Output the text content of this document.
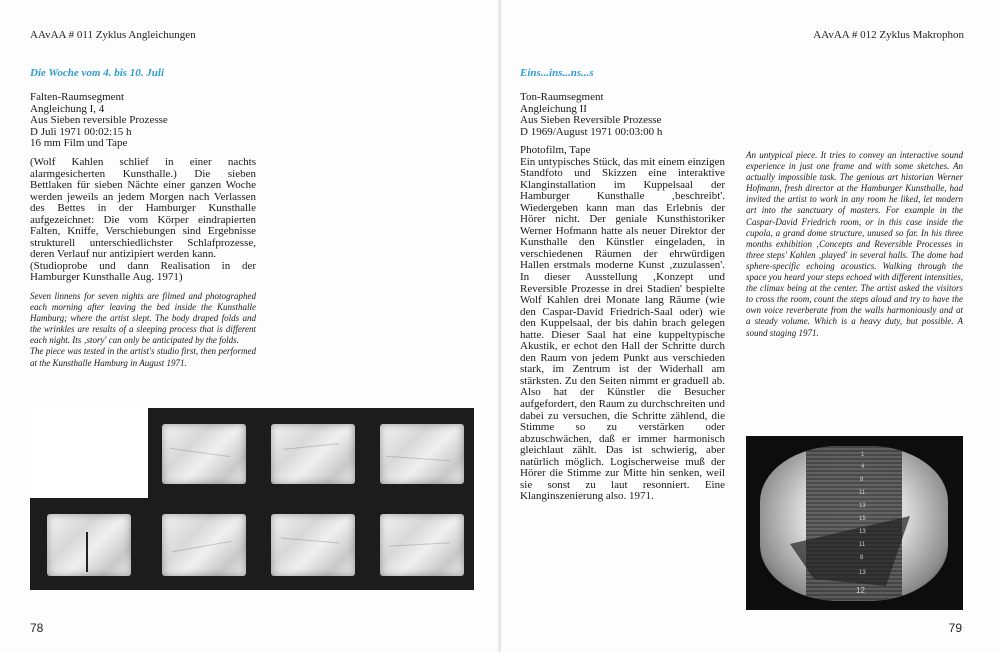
AAvAA # 011 Zyklus Angleichungen
Die Woche vom 4. bis 10. Juli
Falten-Raumsegment
Angleichung I, 4
Aus Sieben reversible Prozesse
D Juli 1971 00:02:15 h
16 mm Film und Tape

(Wolf Kahlen schlief in einer nachts alarmgesicherten Kunsthalle.) Die sieben Bettlaken für sieben Nächte einer ganzen Woche werden jeweils an jedem Morgen nach Verlassen des Bettes in der Hamburger Kunsthalle aufgezeichnet: Die vom Körper eindrapierten Falten, Kniffe, Verschiebungen sind Ergebnisse strukturell unterschiedlichster Schlafprozesse, deren Verlauf nur antizipiert werden kann.

(Studioprobe und dann Realisation in der Hamburger Kunsthalle Aug. 1971)

Seven linnens for seven nights are filmed and photographed each morning after leaving the bed inside the Kunsthalle Hamburg; where the artist slept. The body draped folds and the wrinkles are results of a sleeping process that is different each night. Its ‚story' can only be anticipated by the folds.

The piece was tested in the artist's studio first, then performed at the Kunsthalle Hamburg in August 1971.

78
AAvAA # 012 Zyklus Makrophon
Eins...ins...ns...s
Ton-Raumsegment
Angleichung II
Aus Sieben Reversible Prozesse
D 1969/August 1971 00:03:00 h

Photofilm, Tape

Ein untypisches Stück, das mit einem einzigen Standfoto und Skizzen eine interaktive Klanginstallation im Kuppelsaal der Hamburger Kunsthalle ‚beschreibt'. Wiedergeben kann man das Erlebnis der Hörer nicht. Der geniale Kunsthistoriker Werner Hofmann hatte als neuer Direktor der Kunsthalle den Künstler eingeladen, in verschiedenen Räumen der ehrwürdigen Hallen erstmals moderne Kunst ‚zuzulassen'. In dieser Ausstellung ‚Konzept und Reversible Prozesse in drei Stadien' bespielte Wolf Kahlen drei Monate lang Räume (wie den Caspar-David Friedrich-Saal oder) wie den Kuppelsaal, der bis dahin brach gelegen hatte. Dieser Saal hat eine kuppeltypische Akustik, er echot den Hall der Schritte durch den Raum von jedem Punkt aus verschieden stark, im Zentrum ist der Widerhall am stärksten. Zu den Seiten nimmt er graduell ab. Also hat der Künstler die Besucher aufgefordert, den Raum zu durchschreiten und dabei zu versuchen, die Schritte zählend, die Stimme so zu verstärken oder abzuschwächen, daß er immer harmonisch gleichlaut zählt. Das ist schwierig, aber natürlich möglich. Logischerweise muß der Hörer die Stimme zur Mitte hin senken, weil sie sonst zu laut resonniert. Eine Klanginszenierung also. 1971.

An untypical piece. It tries to convey an interactive sound experience in just one frame and with some sketches. An actually impossible task. The genious art historian Werner Hofmann, fresh director at the Hamburger Kunsthalle, had invited the artist to work in any room he liked, let modern art into the sanctuary of masters. For example in the Caspar-David Friedrich room, or in this case inside the cupola, a grand dome structure, unused so far. In his three months exhibition ‚Concepts and Reversible Processes in three steps' Kahlen ‚played' in several halls. The dome had sphere-specific echoing acoustics. Walking through the space you heard your steps echoed with different intensities, the climax being at the center. The artist asked the visitors to cross the room, count the steps aloud and try to have the own voice reverberate from the walls harmoniously and at a steady volume. Which is a heavy duty, but possible. A sound staging 1971.

1
4
8
11
13
15
13
11
8
13
12
79
